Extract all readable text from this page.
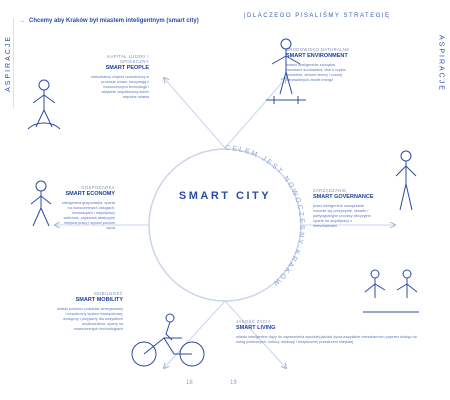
ASPIRACJE	ASPIRACJE
→ Chcemy aby Kraków był miastem inteligentnym (smart city)
|DLACZEGO PISALIŚMY STRATEGIĘ
CELEM JEST NOWOCZESNY KRAKÓW
SMART CITY
KAPITAŁ LUDZKI I SPOŁECZNY
SMART PEOPLE
mieszkańcy chętnie uczestniczą w procesie zmian, korzystają z nowoczesnych technologii i aktywnie współtworzą dobro wspólne miasta
GOSPODARKA
SMART ECONOMY
inteligentna gospodarka, oparta na nowoczesnych usługach, innowacjach i współpracy sektorów, zapewnia atrakcyjne miejsca pracy i wysoki poziom życia
MOBILNOŚĆ
SMART MOBILITY
miasto powinno posiadać zintegrowany i bezpieczny system transportowy, dostępny i przyjazny dla wszystkich użytkowników, oparty na nowoczesnych technologiach
ŚRODOWISKO NATURALNE
SMART ENVIRONMENT
miasto inteligentnie zarządza zasobami środowiska, dba o czyste powietrze, zielone tereny i rozwój odnawialnych źródeł energii
ZARZĄDZANIE
SMART GOVERNANCE
przez inteligentne zarządzanie rozumie się przejrzyste, otwarte i partycypacyjne procesy decyzyjne, oparte na współpracy z mieszkańcami
JAKOŚĆ ŻYCIA
SMART LIVING
miasto inteligentne dąży do zapewnienia wysokiej jakości życia wszystkim mieszkańcom poprzez dostęp do usług publicznych, kultury, edukacji i bezpiecznej przestrzeni miejskiej
18	19
